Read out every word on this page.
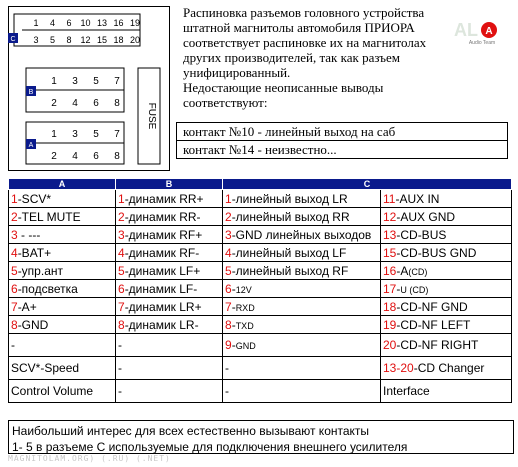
C
1 4 6 10 13 16 19
3 5 8 12 15 18 20
B
1 3 5 7
2 4 6 8
A
1 3 5 7
2 4 6 8
FUSE
AL A
Audio Team

Распиновка разъемов головного устройства

штатной магнитолы автомобиля ПРИОРА

соответствует распиновке их на магнитолах

других производителей, так как разъем

унифицированный.

Недостающие неописанные выводы

соответствуют:

контакт №10 - линейный выход на саб
контакт №14 - неизвестно...
A	B	C	
1-SCV*	1-динамик RR+	1-линейный выход LR	11-AUX IN
2-TEL MUTE	2-динамик RR-	2-линейный выход RR	12-AUX GND
3 - ---	3-динамик RF+	3-GND линейных выходов	13-CD-BUS
4-BAT+	4-динамик RF-	4-линейный выход LF	15-CD-BUS GND
5-упр.ант	5-динамик LF+	5-линейный выход RF	16-A(CD)
6-подсветка	6-динамик LF-	6-12V	17-U (CD)
7-A+	7-динамик LR+	7-RXD	18-CD-NF GND
8-GND	8-динамик LR-	8-TXD	19-CD-NF LEFT
-	-	9-GND	20-CD-NF RIGHT
SCV*-Speed	-	-	13-20-CD Changer
Control Volume	-	-	Interface
Наибольший интерес для всех естественно вызывают контакты
1- 5 в разъеме С используемые для подключения внешнего усилителя
MAGNITOLAM.ORG) (.RU) (.NET)
